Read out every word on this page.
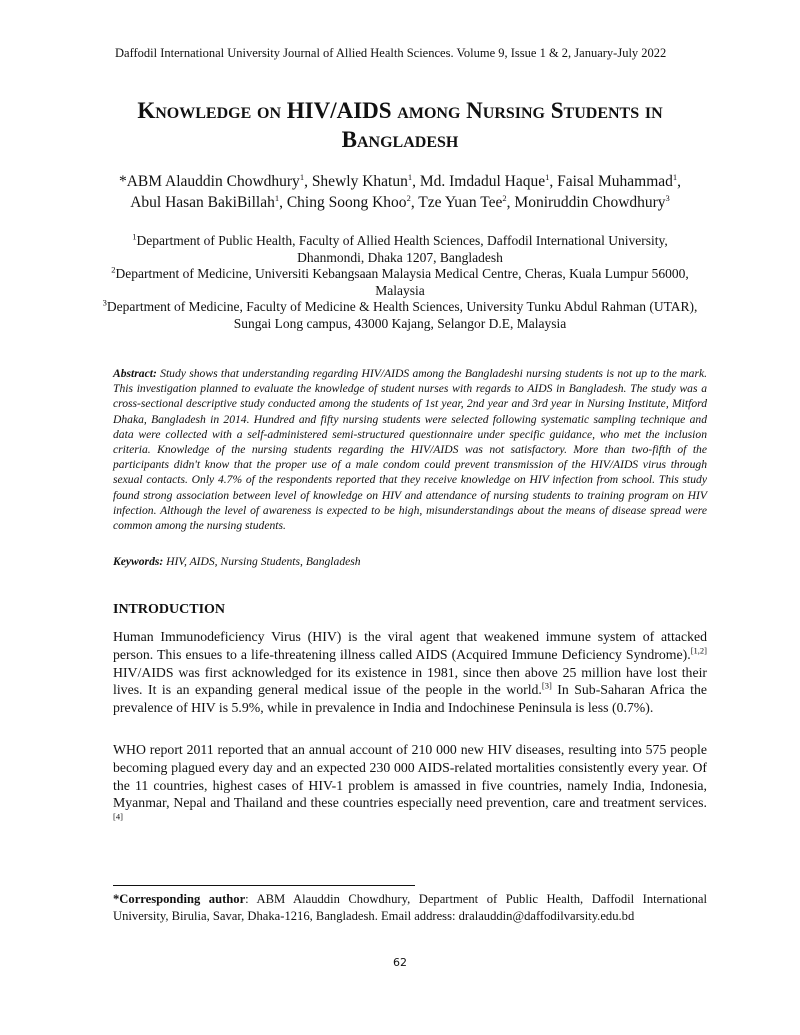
Daffodil International University Journal of Allied Health Sciences. Volume 9, Issue 1 & 2, January-July 2022
Knowledge on HIV/AIDS among Nursing Students in
Bangladesh
*ABM Alauddin Chowdhury$^1$, Shewly Khatun$^1$, Md. Imdadul Haque$^1$, Faisal Muhammad$^1$,
Abul Hasan BakiBillah$^1$, Ching Soong Khoo$^2$, Tze Yuan Tee$^2$, Moniruddin Chowdhury$^3$

$^1$Department of Public Health, Faculty of Allied Health Sciences, Daffodil International University, Dhanmondi, Dhaka 1207, Bangladesh

$^2$Department of Medicine, Universiti Kebangsaan Malaysia Medical Centre, Cheras, Kuala Lumpur 56000, Malaysia

$^3$Department of Medicine, Faculty of Medicine & Health Sciences, University Tunku Abdul Rahman (UTAR), Sungai Long campus, 43000 Kajang, Selangor D.E, Malaysia

Abstract: Study shows that understanding regarding HIV/AIDS among the Bangladeshi nursing students is not up to the mark. This investigation planned to evaluate the knowledge of student nurses with regards to AIDS in Bangladesh. The study was a cross-sectional descriptive study conducted among the students of 1st year, 2nd year and 3rd year in Nursing Institute, Mitford Dhaka, Bangladesh in 2014. Hundred and fifty nursing students were selected following systematic sampling technique and data were collected with a self-administered semi-structured questionnaire under specific guidance, who met the inclusion criteria. Knowledge of the nursing students regarding the HIV/AIDS was not satisfactory. More than two-fifth of the participants didn't know that the proper use of a male condom could prevent transmission of the HIV/AIDS virus through sexual contacts. Only 4.7% of the respondents reported that they receive knowledge on HIV infection from school. This study found strong association between level of knowledge on HIV and attendance of nursing students to training program on HIV infection. Although the level of awareness is expected to be high, misunderstandings about the means of disease spread were common among the nursing students.
Keywords: HIV, AIDS, Nursing Students, Bangladesh
INTRODUCTION

Human Immunodeficiency Virus (HIV) is the viral agent that weakened immune system of attacked person. This ensues to a life-threatening illness called AIDS (Acquired Immune Deficiency Syndrome).[1,2] HIV/AIDS was first acknowledged for its existence in 1981, since then above 25 million have lost their lives. It is an expanding general medical issue of the people in the world.[3] In Sub-Saharan Africa the prevalence of HIV is 5.9%, while in prevalence in India and Indochinese Peninsula is less (0.7%).

WHO report 2011 reported that an annual account of 210 000 new HIV diseases, resulting into 575 people becoming plagued every day and an expected 230 000 AIDS-related mortalities consistently every year. Of the 11 countries, highest cases of HIV-1 problem is amassed in five countries, namely India, Indonesia, Myanmar, Nepal and Thailand and these countries especially need prevention, care and treatment services.[4]

*Corresponding author: ABM Alauddin Chowdhury, Department of Public Health, Daffodil International University, Birulia, Savar, Dhaka-1216, Bangladesh. Email address: dralauddin@daffodilvarsity.edu.bd
62
